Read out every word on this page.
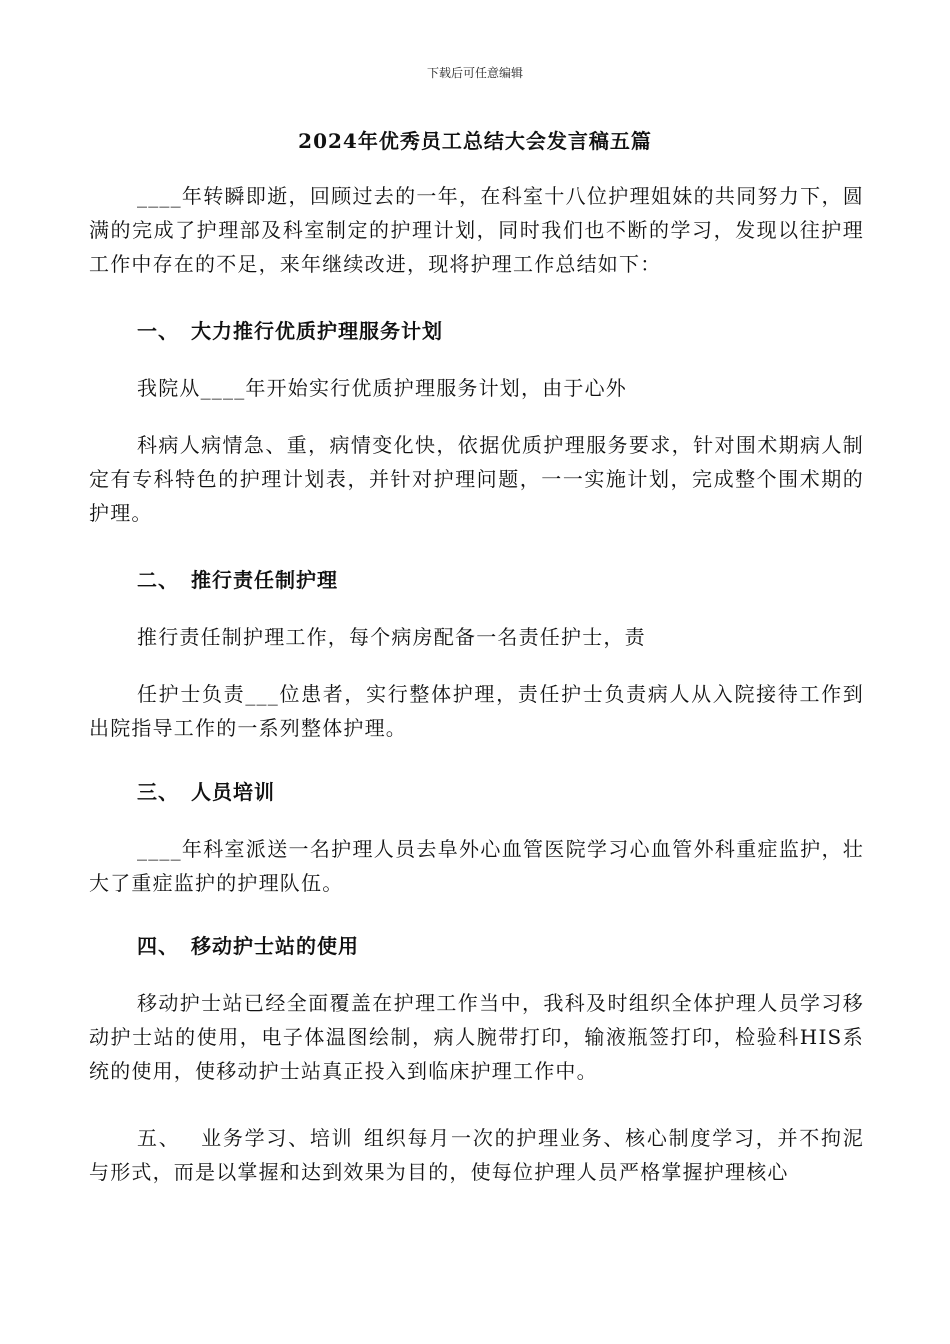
下载后可任意编辑
2024年优秀员工总结大会发言稿五篇
____年转瞬即逝，回顾过去的一年，在科室十八位护理姐妹的共同努力下，圆满的完成了护理部及科室制定的护理计划，同时我们也不断的学习，发现以往护理工作中存在的不足，来年继续改进，现将护理工作总结如下：
一、 大力推行优质护理服务计划
我院从____年开始实行优质护理服务计划，由于心外
科病人病情急、重，病情变化快，依据优质护理服务要求，针对围术期病人制定有专科特色的护理计划表，并针对护理问题，一一实施计划，完成整个围术期的护理。
二、 推行责任制护理
推行责任制护理工作，每个病房配备一名责任护士，责
任护士负责___位患者，实行整体护理，责任护士负责病人从入院接待工作到出院指导工作的一系列整体护理。
三、 人员培训
____年科室派送一名护理人员去阜外心血管医院学习心血管外科重症监护，壮大了重症监护的护理队伍。
四、 移动护士站的使用
移动护士站已经全面覆盖在护理工作当中，我科及时组织全体护理人员学习移动护士站的使用，电子体温图绘制，病人腕带打印，输液瓶签打印，检验科HIS系统的使用，使移动护士站真正投入到临床护理工作中。
五、 业务学习、培训 组织每月一次的护理业务、核心制度学习，并不拘泥与形式，而是以掌握和达到效果为目的，使每位护理人员严格掌握护理核心
